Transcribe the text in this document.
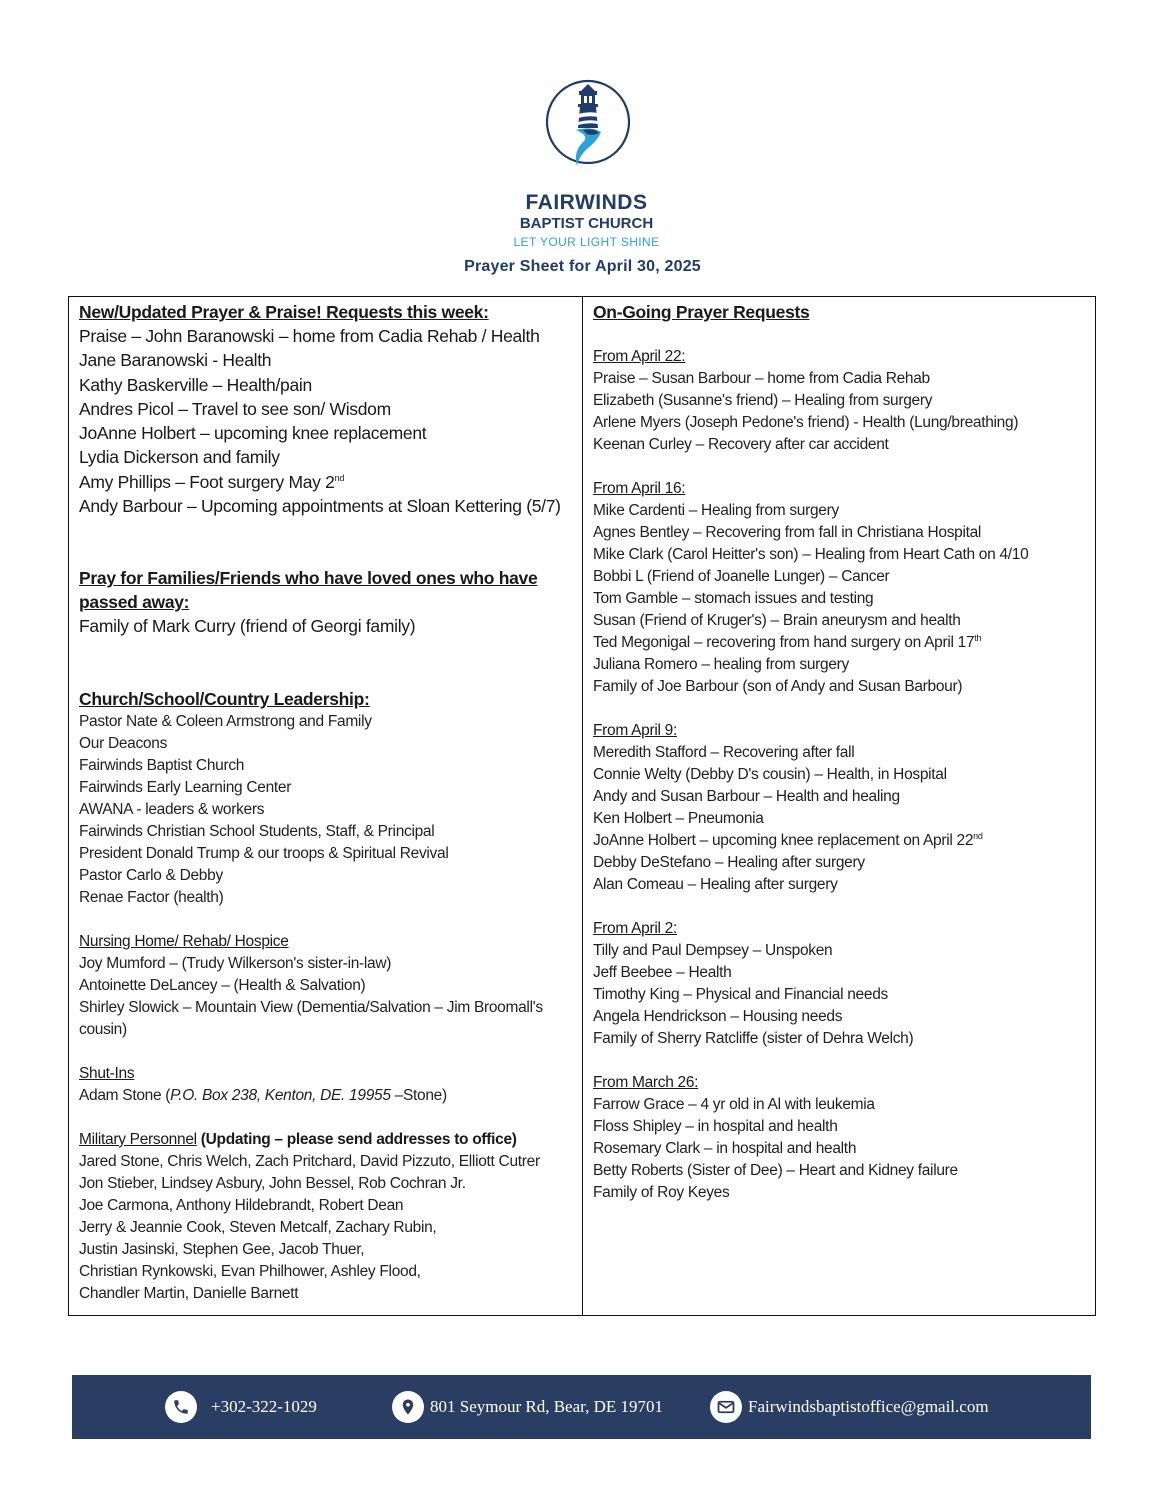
FAIRWINDS
BAPTIST CHURCH
LET YOUR LIGHT SHINE
Prayer Sheet for April 30, 2025
New/Updated Prayer & Praise! Requests this week:
Praise – John Baranowski – home from Cadia Rehab / Health
Jane Baranowski - Health
Kathy Baskerville – Health/pain
Andres Picol – Travel to see son/ Wisdom
JoAnne Holbert – upcoming knee replacement
Lydia Dickerson and family
Amy Phillips – Foot surgery May 2nd
Andy Barbour – Upcoming appointments at Sloan Kettering (5/7)
Pray for Families/Friends who have loved ones who have
passed away:
Family of Mark Curry (friend of Georgi family)
Church/School/Country Leadership:
Pastor Nate & Coleen Armstrong and Family
Our Deacons
Fairwinds Baptist Church
Fairwinds Early Learning Center
AWANA - leaders & workers
Fairwinds Christian School Students, Staff, & Principal
President Donald Trump & our troops & Spiritual Revival
Pastor Carlo & Debby
Renae Factor (health)
Nursing Home/ Rehab/ Hospice
Joy Mumford – (Trudy Wilkerson's sister-in-law)
Antoinette DeLancey – (Health & Salvation)
Shirley Slowick – Mountain View (Dementia/Salvation – Jim Broomall's cousin)
Shut-Ins
Adam Stone (P.O. Box 238, Kenton, DE. 19955 –Stone)
Military Personnel (Updating – please send addresses to office)
Jared Stone, Chris Welch, Zach Pritchard, David Pizzuto, Elliott Cutrer
Jon Stieber, Lindsey Asbury, John Bessel, Rob Cochran Jr.
Joe Carmona, Anthony Hildebrandt, Robert Dean
Jerry & Jeannie Cook, Steven Metcalf, Zachary Rubin,
Justin Jasinski, Stephen Gee, Jacob Thuer,
Christian Rynkowski, Evan Philhower, Ashley Flood,
Chandler Martin, Danielle Barnett
On-Going Prayer Requests
From April 22:
Praise – Susan Barbour – home from Cadia Rehab
Elizabeth (Susanne's friend) – Healing from surgery
Arlene Myers (Joseph Pedone's friend) - Health (Lung/breathing)
Keenan Curley – Recovery after car accident
From April 16:
Mike Cardenti – Healing from surgery
Agnes Bentley – Recovering from fall in Christiana Hospital
Mike Clark (Carol Heitter's son) – Healing from Heart Cath on 4/10
Bobbi L (Friend of Joanelle Lunger) – Cancer
Tom Gamble – stomach issues and testing
Susan (Friend of Kruger's) – Brain aneurysm and health
Ted Megonigal – recovering from hand surgery on April 17th
Juliana Romero – healing from surgery
Family of Joe Barbour (son of Andy and Susan Barbour)
From April 9:
Meredith Stafford – Recovering after fall
Connie Welty (Debby D's cousin) – Health, in Hospital
Andy and Susan Barbour – Health and healing
Ken Holbert – Pneumonia
JoAnne Holbert – upcoming knee replacement on April 22nd
Debby DeStefano – Healing after surgery
Alan Comeau – Healing after surgery
From April 2:
Tilly and Paul Dempsey – Unspoken
Jeff Beebee – Health
Timothy King – Physical and Financial needs
Angela Hendrickson – Housing needs
Family of Sherry Ratcliffe (sister of Dehra Welch)
From March 26:
Farrow Grace – 4 yr old in Al with leukemia
Floss Shipley – in hospital and health
Rosemary Clark – in hospital and health
Betty Roberts (Sister of Dee) – Heart and Kidney failure
Family of Roy Keyes
+302-322-1029	801 Seymour Rd, Bear, DE 19701	Fairwindsbaptistoffice@gmail.com
